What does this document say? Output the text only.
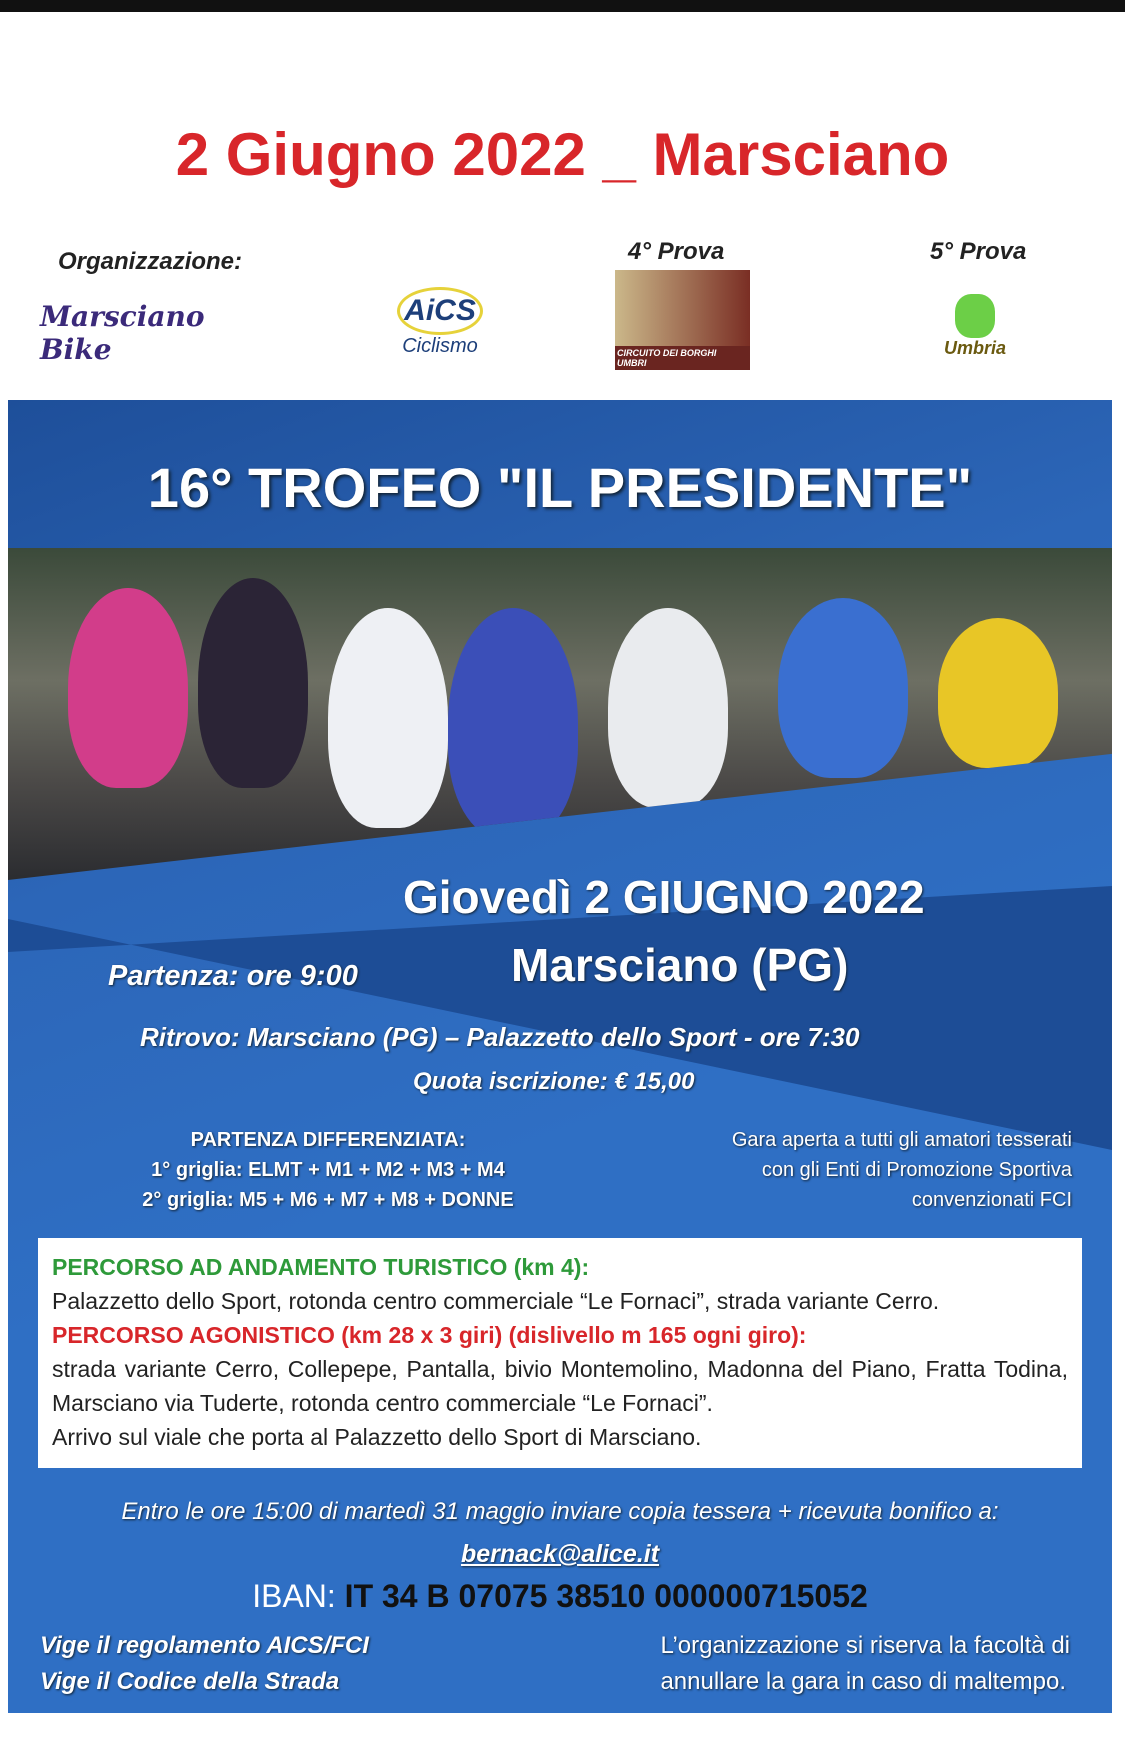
2 Giugno 2022 _ Marsciano
Organizzazione:	4° Prova	5° Prova
Marsciano Bike
AiCS
Ciclismo	CIRCUITO DEI BORGHI UMBRI
Umbria
16° TROFEO "IL PRESIDENTE"
Giovedì 2 GIUGNO 2022
Marsciano (PG)
Partenza: ore 9:00
Ritrovo: Marsciano (PG) – Palazzetto dello Sport - ore 7:30
Quota iscrizione: € 15,00
PARTENZA DIFFERENZIATA:
1° griglia: ELMT + M1 + M2 + M3 + M4
2° griglia: M5 + M6 + M7 + M8 + DONNE
Gara aperta a tutti gli amatori tesserati
con gli Enti di Promozione Sportiva
convenzionati FCI
PERCORSO AD ANDAMENTO TURISTICO (km 4):
Palazzetto dello Sport, rotonda centro commerciale “Le Fornaci”, strada variante Cerro.
PERCORSO AGONISTICO (km 28 x 3 giri) (dislivello m 165 ogni giro):
strada variante Cerro, Collepepe, Pantalla, bivio Montemolino, Madonna del Piano, Fratta Todina, Marsciano via Tuderte, rotonda centro commerciale “Le Fornaci”.
Arrivo sul viale che porta al Palazzetto dello Sport di Marsciano.
Entro le ore 15:00 di martedì 31 maggio inviare copia tessera + ricevuta bonifico a:
bernack@alice.it
IBAN: IT 34 B 07075 38510 000000715052
Vige il regolamento AICS/FCI
Vige il Codice della Strada
L’organizzazione si riserva la facoltà di
annullare la gara in caso di maltempo.
